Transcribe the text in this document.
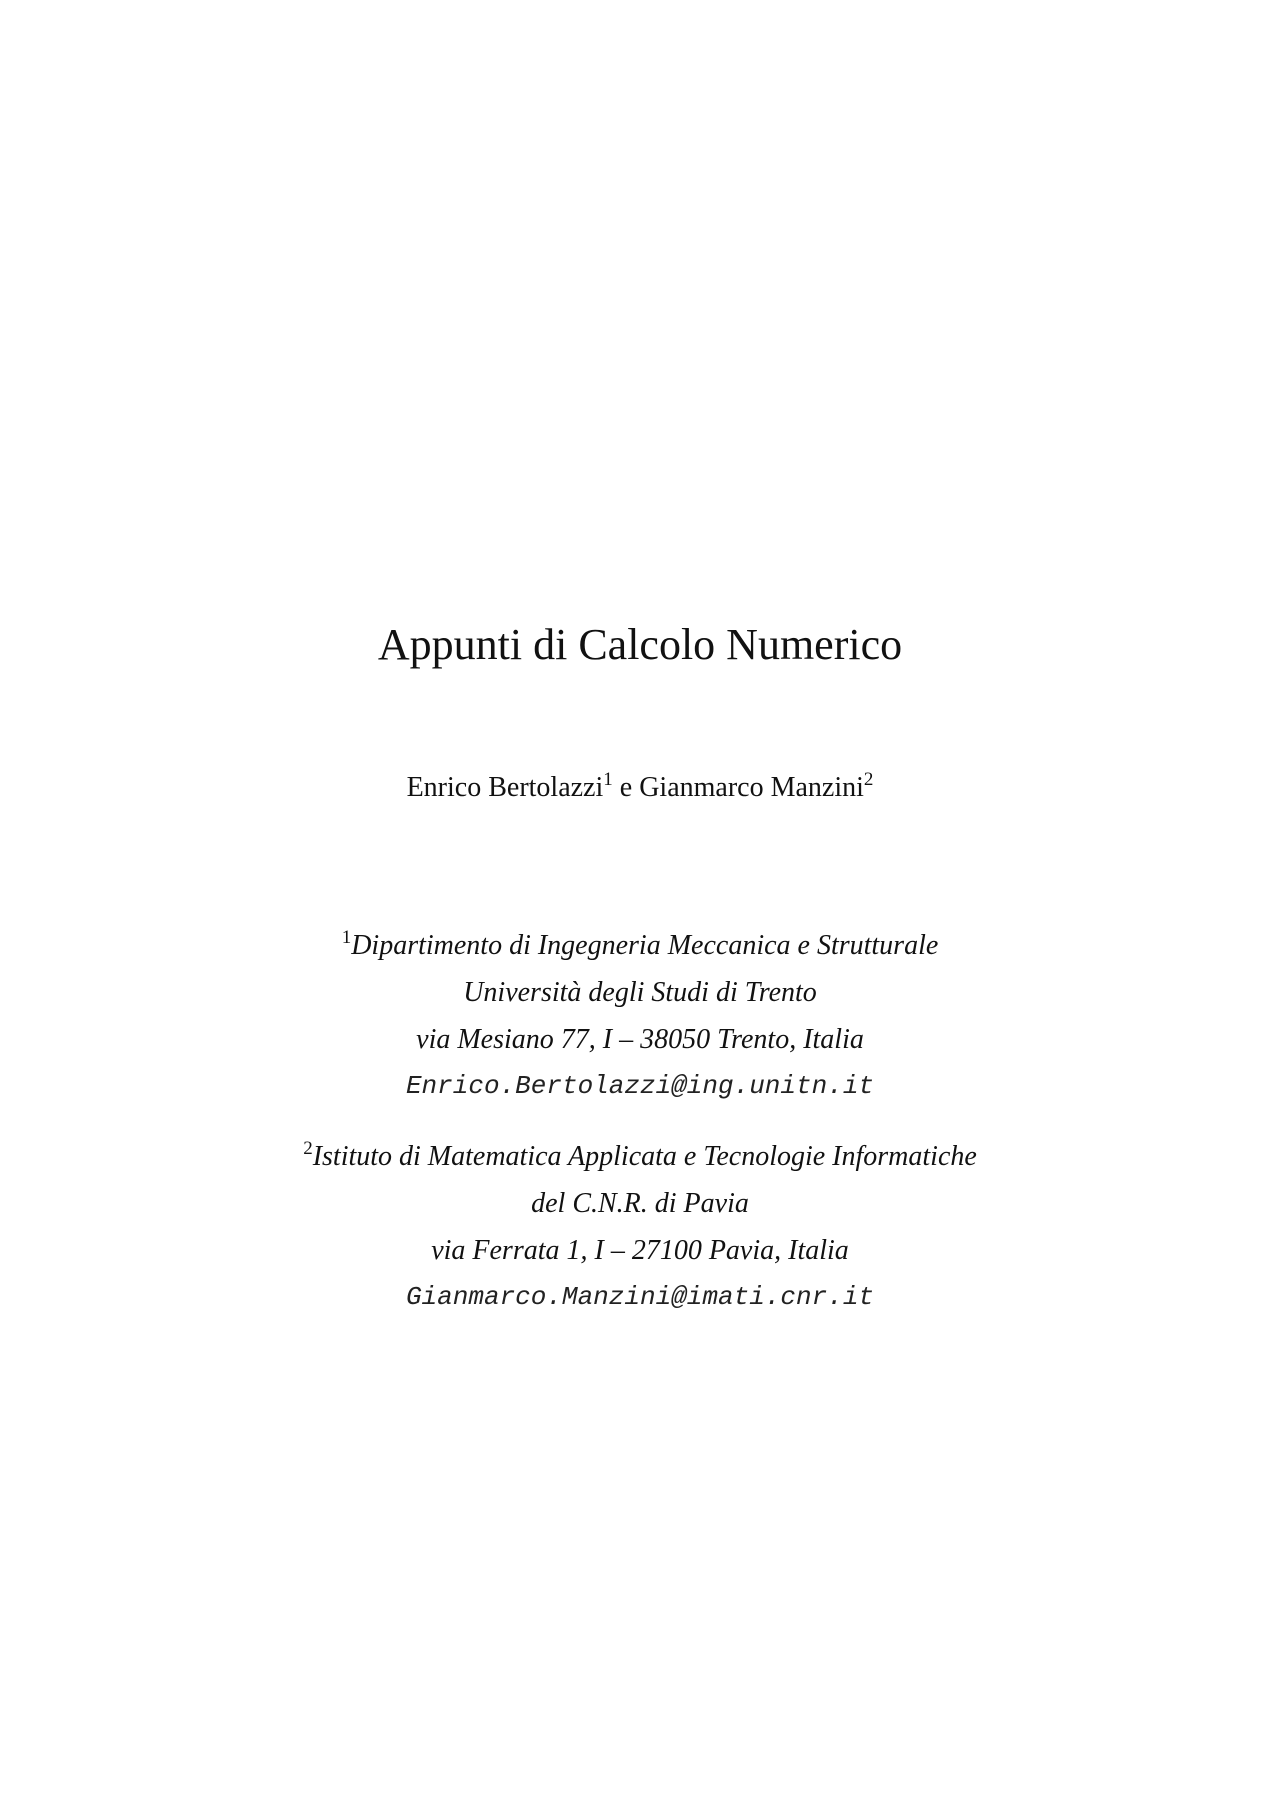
Appunti di Calcolo Numerico

Enrico Bertolazzi$^1$ e Gianmarco Manzini$^2$

$^1$Dipartimento di Ingegneria Meccanica e Strutturale
Università degli Studi di Trento
via Mesiano 77, I – 38050 Trento, Italia
Enrico.Bertolazzi@ing.unitn.it
$^2$Istituto di Matematica Applicata e Tecnologie Informatiche
del C.N.R. di Pavia
via Ferrata 1, I – 27100 Pavia, Italia
Gianmarco.Manzini@imati.cnr.it
